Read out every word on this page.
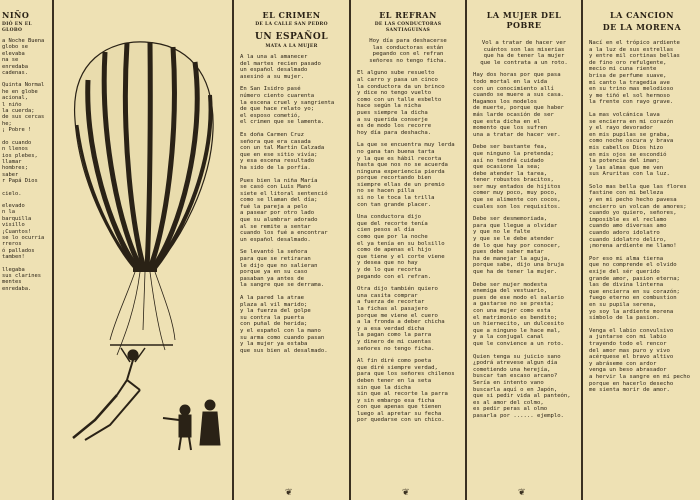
NIÑO
DIÓ EN EL GLOBO

a Noche Buena
globo se elevaba
na se enredaba
cadenas.

Quinta Normal
he en globe
acional,
l niño
la cuerda;
de sus cercas
he;
¡ Pobre !

do cuando
n llenos
ios plebes,
llamar
hombres;
saber
r Papá Dios

cielo.

elevado
n la barquilla
visillo
¡Cuantos!
se lo ocurria
rreros
ó pallados
tamben!

llegaba
sus clarines
mentes
enredaba.

EL CRIMEN
DE LA CALLE SAN PEDRO
UN ESPAÑOL
MATA A LA MUJER

A la una al amanecer
del martes recien pasado
un español desalmado
asesinó a su mujer.

En San Isidro pasé
número ciento cuarenta
la escena cruel y sangrienta
de que hace relato yo;
el esposo cometió,
el crimen que se lamenta.

Es doña Carmen Cruz
señora que era casada
con un tal Martín Calzada
que en ese sitio vivía;
y esa escena resultado
ha sido de la porfía.

Pues bien la niña María
se casó con Luis Manó
siete el litoral sentenció
como se llaman del día;
fué la pareja a pelo
a pasear por otro lado
que su alumbrar adorado
al se remite a sentar
cuando los fué a encontrar
un español desalmado.

Se levantó la señora
para que se retiraran
le dijo que no salieran
porque ya en su caso
pasaban ya antes de
la sangre que se derrama.

A la pared la atrae
plaza al vil marido;
y la fuerza del golpe
su contra la puerta
con puñal de herida;
y el español con la mano
su arma como cuando pasan
y la mujer ya estaba
que sus bien al desalmado.

❦
EL REFRAN
DE LAS CONDUCTORAS SANTIAGUINAS

Hoy día para deshacerse
las conductoras están
pegando con el refran
señores no tengo ficha.

El alguno sube resuelto
al carro y pasa un cinco
la conductora da un brinco
y dice no tengo vuelto
como con un talle esbelto
hace según la nicha
pues siempre la dicha
a su querida conserje
es de modo los recorre
hoy día para deshacha.

La que se encuentra muy lerda
no gana tan buena tarta
y la que es hábil recorta
hasta que nos no se acuerda
ninguna experiencia pierda
porque recortando bien
siempre ellas de un premio
no se hacen pilla
si no le toca la trilla
con tan grande placer.

Una conductora dijo
que del recorte tenía
cien pesos al día
como que por la noche
el ya tenía en su bolsillo
como de apenas el hijo
que tiene y el corte viene
y desea que no hay
y de lo que recorta
pegando con el refran.

Otra dijo también quiero
una casita comprar
a fuerza de recortar
la fichas al pasajero
porque me viene el cuero
a la fronda a deber chicha
y a esa verdad dicha
la pagan como la parra
y dinero de mi cuentas
señores no tengo ficha.

Al fin diré como poeta
que diré siempre verdad,
para que los señores chilenos
deben tener en la seta
sin que la dicha
sin que al recorte la parra
y sin embargo esa ficha
con que apenas que tienen
luego al apretar su fecha
por quedarse con un chico.

❦
LA MUJER DEL POBRE

Vol a tratar de hacer ver
cuántos son las miserias
que ha de tener la mujer
que le contrata a un roto.

Hay dos horas por que pasa
todo mortal en la vida
con un conocimiento allí
cuando se muere a sus casa.
Hagamos los modelos
de muerte, porque que haber
más larde ocasión de ser
que esta dicha en el
momento que los sufren
una a tratar de hacer ver.

Debe ser bastante fea,
que ninguno la pretenda;
así no tendrá cuidado
que ocasione la sea;
debe atender la tarea,
tener robustos bracitos,
ser muy entados de hijitos
comer muy poco, muy poco,
que se alimente con cocos,
cuales son los requisitos.

Debe ser desmemoriada,
para que llegue a olvidar
y que no le falte
y que se le debe atender
de lo que hay por conocer,
pues debe saber matar
ha de manejar la aguja,
porque sabe, dijo una bruja
que ha de tener la mujer.

Debe ser mujer modesta
enemiga del vestuario,
pues de ese modo el salario
a gastarse no se presta;
con una mujer como esta
el matrimonio es bendito;
un hiernecito, un dulcesito
que a ninguno le hace mal,
y a la conjugal canal
que le convience a un roto.

Quien tenga su juicio sano
¿podrá atrevese algun día
cometiendo una herejía,
buscar tan escaso arcano?
Sería en intento vano
buscarla aquí o en Japón,
que si pedir vida al panteón,
es al amor del colmo,
es pedir peras al olmo
pasarla por ...... ejemplo.

❦
LA CANCION
DE LA MORENA

Nací en el trópico ardiente
a la luz de sus estrellas
y entre mil cortinas bellas
de fino oro refulgente,
mecio mi cuna riente
brisa de perfume suave,
mi canto la tragedia ave
en su trino mas melodioso
y me tiñó el sol hermoso
la frente con rayo grave.

La mas volcánica lava
se encierra en mi corazón
y el rayo devorador
en mis pupilas se graba,
como noche oscura y brava
mis cabellos Dios hizo
en mis ojos se escondió
la potencia del iman;
y las almas que me ven
sus Aruritas con la luz.

Solo mas bella que las flores
fastine con mi belleza
y en mi pecho hecho pavesa
encierro un volcan de amores;
cuando yo quiero, señores,
imposible es el reclamo
cuando amo diversas amo
cuando adoro idolatro
cuando idolatro deliro,
¡morena ardiente me llamo!

Por eso mi alma tierna
que no comprende el olvido
exije del sér querido
grande amor, pasion eterna;
las de divina linterna
que encierra en su corazón;
fuego eterno en combustion
en su pupila serena,
yo soy la ardiente morena
símbolo de la pasion.

Venga el labio convulsivo
a juntarse con mi labio
trayendo todo el rencor
del amor mas puro y vivo
acérquese el bravo altivo
y abráseme con ardor
venga un beso abrasador
a hervir la sangre en mi pecho
porque en hacerlo desecho
me sienta morir de amor.
